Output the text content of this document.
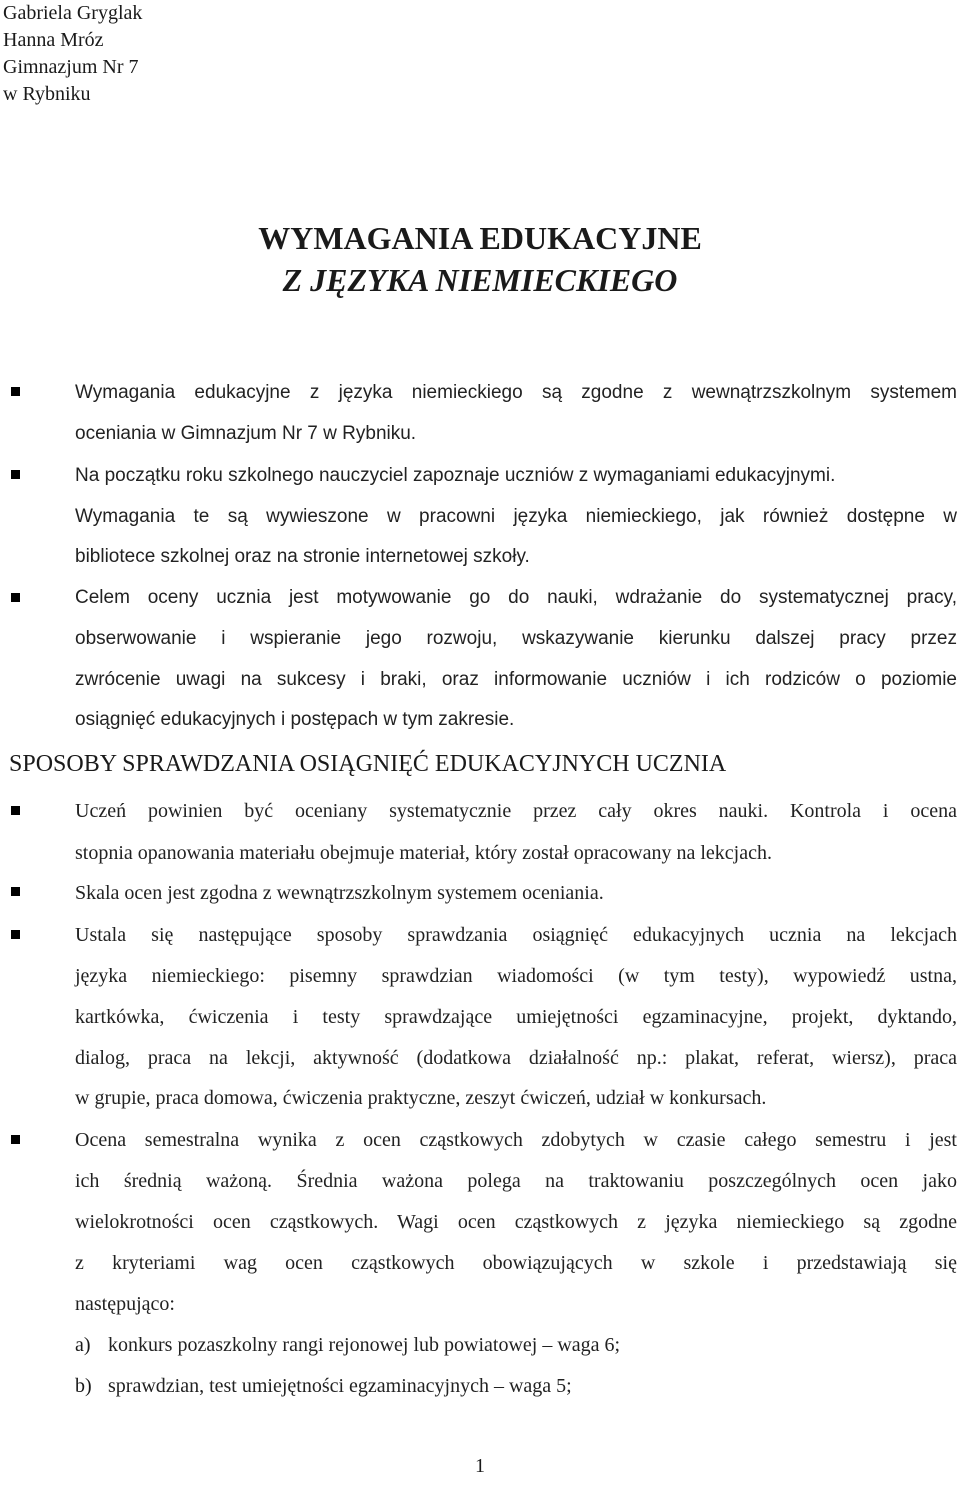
Gabriela Gryglak
Hanna Mróz
Gimnazjum Nr 7
w Rybniku
WYMAGANIA EDUKACYJNE
Z JĘZYKA NIEMIECKIEGO
Wymagania edukacyjne z języka niemieckiego są zgodne z wewnątrzszkolnym systemem
oceniania w Gimnazjum Nr 7 w Rybniku.
Na początku roku szkolnego nauczyciel zapoznaje uczniów z wymaganiami edukacyjnymi.
Wymagania te są wywieszone w pracowni języka niemieckiego, jak również dostępne w
bibliotece szkolnej oraz na stronie internetowej szkoły.
Celem oceny ucznia jest motywowanie go do nauki, wdrażanie do systematycznej pracy,
obserwowanie i wspieranie jego rozwoju, wskazywanie kierunku dalszej pracy przez
zwrócenie uwagi na sukcesy i braki, oraz informowanie uczniów i ich rodziców o poziomie
osiągnięć edukacyjnych i postępach w tym zakresie.
SPOSOBY SPRAWDZANIA OSIĄGNIĘĆ EDUKACYJNYCH UCZNIA
Uczeń powinien być oceniany systematycznie przez cały okres nauki. Kontrola i ocena
stopnia opanowania materiału obejmuje materiał, który został opracowany na lekcjach.
Skala ocen jest zgodna z wewnątrzszkolnym systemem oceniania.
Ustala się następujące sposoby sprawdzania osiągnięć edukacyjnych ucznia na lekcjach
języka niemieckiego: pisemny sprawdzian wiadomości (w tym testy), wypowiedź ustna,
kartkówka, ćwiczenia i testy sprawdzające umiejętności egzaminacyjne, projekt, dyktando,
dialog, praca na lekcji, aktywność (dodatkowa działalność np.: plakat, referat, wiersz), praca
w grupie, praca domowa, ćwiczenia praktyczne, zeszyt ćwiczeń, udział w konkursach.
Ocena semestralna wynika z ocen cząstkowych zdobytych w czasie całego semestru i jest
ich średnią ważoną. Średnia ważona polega na traktowaniu poszczególnych ocen jako
wielokrotności ocen cząstkowych. Wagi ocen cząstkowych z języka niemieckiego są zgodne
z kryteriami wag ocen cząstkowych obowiązujących w szkole i przedstawiają się
następująco:
a) konkurs pozaszkolny rangi rejonowej lub powiatowej – waga 6;
b) sprawdzian, test umiejętności egzaminacyjnych – waga 5;
1
